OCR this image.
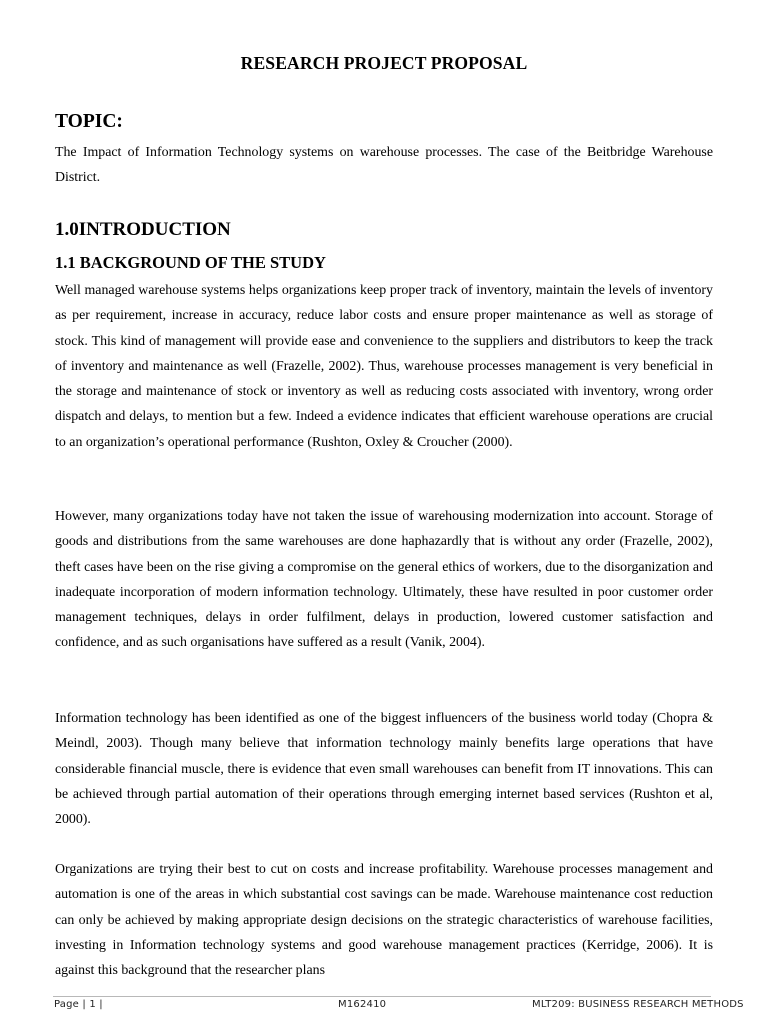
RESEARCH PROJECT PROPOSAL
TOPIC:

The Impact of Information Technology systems on warehouse processes. The case of the Beitbridge Warehouse District.

1.0INTRODUCTION
1.1 BACKGROUND OF THE STUDY

Well managed warehouse systems helps organizations keep proper track of inventory, maintain the levels of inventory as per requirement, increase in accuracy, reduce labor costs and ensure proper maintenance as well as storage of stock. This kind of management will provide ease and convenience to the suppliers and distributors to keep the track of inventory and maintenance as well (Frazelle, 2002). Thus, warehouse processes management is very beneficial in the storage and maintenance of stock or inventory as well as reducing costs associated with inventory, wrong order dispatch and delays, to mention but a few. Indeed a evidence indicates that efficient warehouse operations are crucial to an organization’s operational performance (Rushton, Oxley & Croucher (2000).

However, many organizations today have not taken the issue of warehousing modernization into account. Storage of goods and distributions from the same warehouses are done haphazardly that is without any order (Frazelle, 2002), theft cases have been on the rise giving a compromise on the general ethics of workers, due to the disorganization and inadequate incorporation of modern information technology. Ultimately, these have resulted in poor customer order management techniques, delays in order fulfilment, delays in production, lowered customer satisfaction and confidence, and as such organisations have suffered as a result (Vanik, 2004).

Information technology has been identified as one of the biggest influencers of the business world today (Chopra & Meindl, 2003). Though many believe that information technology mainly benefits large operations that have considerable financial muscle, there is evidence that even small warehouses can benefit from IT innovations. This can be achieved through partial automation of their operations through emerging internet based services (Rushton et al, 2000).

Organizations are trying their best to cut on costs and increase profitability. Warehouse processes management and automation is one of the areas in which substantial cost savings can be made. Warehouse maintenance cost reduction can only be achieved by making appropriate design decisions on the strategic characteristics of warehouse facilities, investing in Information technology systems and good warehouse management practices (Kerridge, 2006). It is against this background that the researcher plans

Page | 1 |	M162410	MLT209: BUSINESS RESEARCH METHODS
